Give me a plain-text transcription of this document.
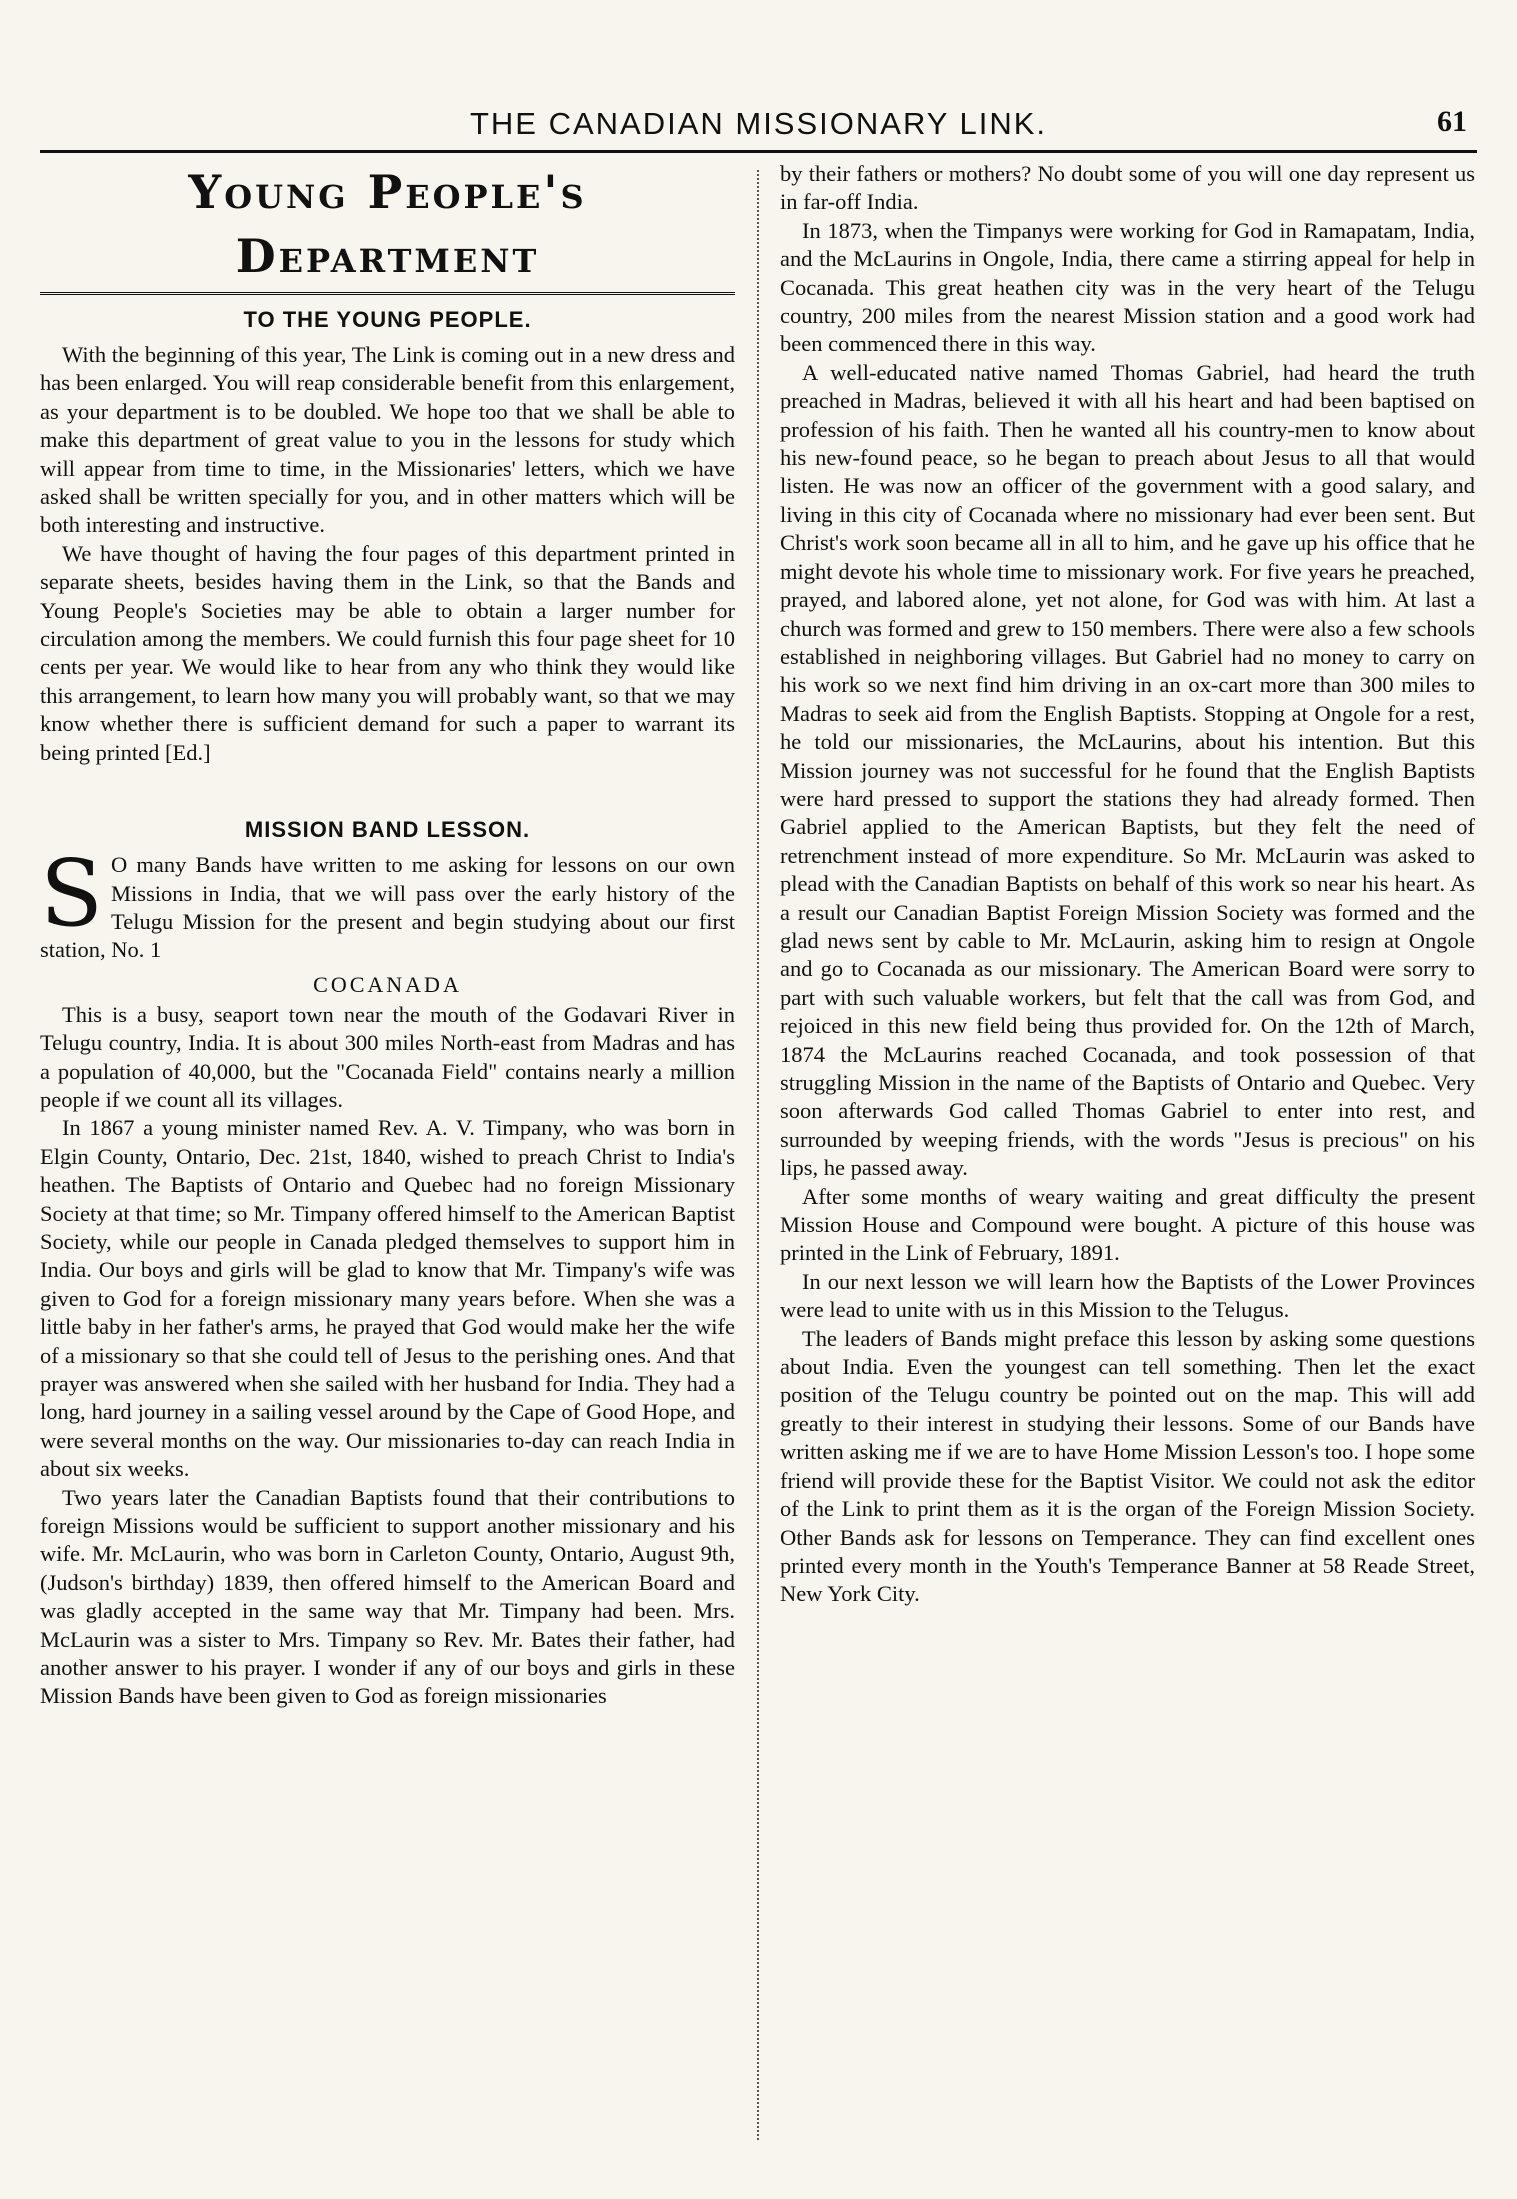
THE CANADIAN MISSIONARY LINK.	61
Young People's Department
TO THE YOUNG PEOPLE.

With the beginning of this year, The Link is coming out in a new dress and has been enlarged. You will reap considerable benefit from this enlargement, as your department is to be doubled. We hope too that we shall be able to make this department of great value to you in the lessons for study which will appear from time to time, in the Missionaries' letters, which we have asked shall be written specially for you, and in other matters which will be both interesting and instructive.

We have thought of having the four pages of this department printed in separate sheets, besides having them in the Link, so that the Bands and Young People's Societies may be able to obtain a larger number for circulation among the members. We could furnish this four page sheet for 10 cents per year. We would like to hear from any who think they would like this arrangement, to learn how many you will probably want, so that we may know whether there is sufficient demand for such a paper to warrant its being printed [Ed.]

MISSION BAND LESSON.

S O many Bands have written to me asking for lessons on our own Missions in India, that we will pass over the early history of the Telugu Mission for the present and begin studying about our first station, No. 1

COCANADA

This is a busy, seaport town near the mouth of the Godavari River in Telugu country, India. It is about 300 miles North-east from Madras and has a population of 40,000, but the "Cocanada Field" contains nearly a million people if we count all its villages.

In 1867 a young minister named Rev. A. V. Timpany, who was born in Elgin County, Ontario, Dec. 21st, 1840, wished to preach Christ to India's heathen. The Baptists of Ontario and Quebec had no foreign Missionary Society at that time; so Mr. Timpany offered himself to the American Baptist Society, while our people in Canada pledged themselves to support him in India. Our boys and girls will be glad to know that Mr. Timpany's wife was given to God for a foreign missionary many years before. When she was a little baby in her father's arms, he prayed that God would make her the wife of a missionary so that she could tell of Jesus to the perishing ones. And that prayer was answered when she sailed with her husband for India. They had a long, hard journey in a sailing vessel around by the Cape of Good Hope, and were several months on the way. Our missionaries to-day can reach India in about six weeks.

Two years later the Canadian Baptists found that their contributions to foreign Missions would be sufficient to support another missionary and his wife. Mr. McLaurin, who was born in Carleton County, Ontario, August 9th, (Judson's birthday) 1839, then offered himself to the American Board and was gladly accepted in the same way that Mr. Timpany had been. Mrs. McLaurin was a sister to Mrs. Timpany so Rev. Mr. Bates their father, had another answer to his prayer. I wonder if any of our boys and girls in these Mission Bands have been given to God as foreign missionaries

by their fathers or mothers? No doubt some of you will one day represent us in far-off India.

In 1873, when the Timpanys were working for God in Ramapatam, India, and the McLaurins in Ongole, India, there came a stirring appeal for help in Cocanada. This great heathen city was in the very heart of the Telugu country, 200 miles from the nearest Mission station and a good work had been commenced there in this way.

A well-educated native named Thomas Gabriel, had heard the truth preached in Madras, believed it with all his heart and had been baptised on profession of his faith. Then he wanted all his country-men to know about his new-found peace, so he began to preach about Jesus to all that would listen. He was now an officer of the government with a good salary, and living in this city of Cocanada where no missionary had ever been sent. But Christ's work soon became all in all to him, and he gave up his office that he might devote his whole time to missionary work. For five years he preached, prayed, and labored alone, yet not alone, for God was with him. At last a church was formed and grew to 150 members. There were also a few schools established in neighboring villages. But Gabriel had no money to carry on his work so we next find him driving in an ox-cart more than 300 miles to Madras to seek aid from the English Baptists. Stopping at Ongole for a rest, he told our missionaries, the McLaurins, about his intention. But this Mission journey was not successful for he found that the English Baptists were hard pressed to support the stations they had already formed. Then Gabriel applied to the American Baptists, but they felt the need of retrenchment instead of more expenditure. So Mr. McLaurin was asked to plead with the Canadian Baptists on behalf of this work so near his heart. As a result our Canadian Baptist Foreign Mission Society was formed and the glad news sent by cable to Mr. McLaurin, asking him to resign at Ongole and go to Cocanada as our missionary. The American Board were sorry to part with such valuable workers, but felt that the call was from God, and rejoiced in this new field being thus provided for. On the 12th of March, 1874 the McLaurins reached Cocanada, and took possession of that struggling Mission in the name of the Baptists of Ontario and Quebec. Very soon afterwards God called Thomas Gabriel to enter into rest, and surrounded by weeping friends, with the words "Jesus is precious" on his lips, he passed away.

After some months of weary waiting and great difficulty the present Mission House and Compound were bought. A picture of this house was printed in the Link of February, 1891.

In our next lesson we will learn how the Baptists of the Lower Provinces were lead to unite with us in this Mission to the Telugus.

The leaders of Bands might preface this lesson by asking some questions about India. Even the youngest can tell something. Then let the exact position of the Telugu country be pointed out on the map. This will add greatly to their interest in studying their lessons. Some of our Bands have written asking me if we are to have Home Mission Lesson's too. I hope some friend will provide these for the Baptist Visitor. We could not ask the editor of the Link to print them as it is the organ of the Foreign Mission Society. Other Bands ask for lessons on Temperance. They can find excellent ones printed every month in the Youth's Temperance Banner at 58 Reade Street, New York City.
